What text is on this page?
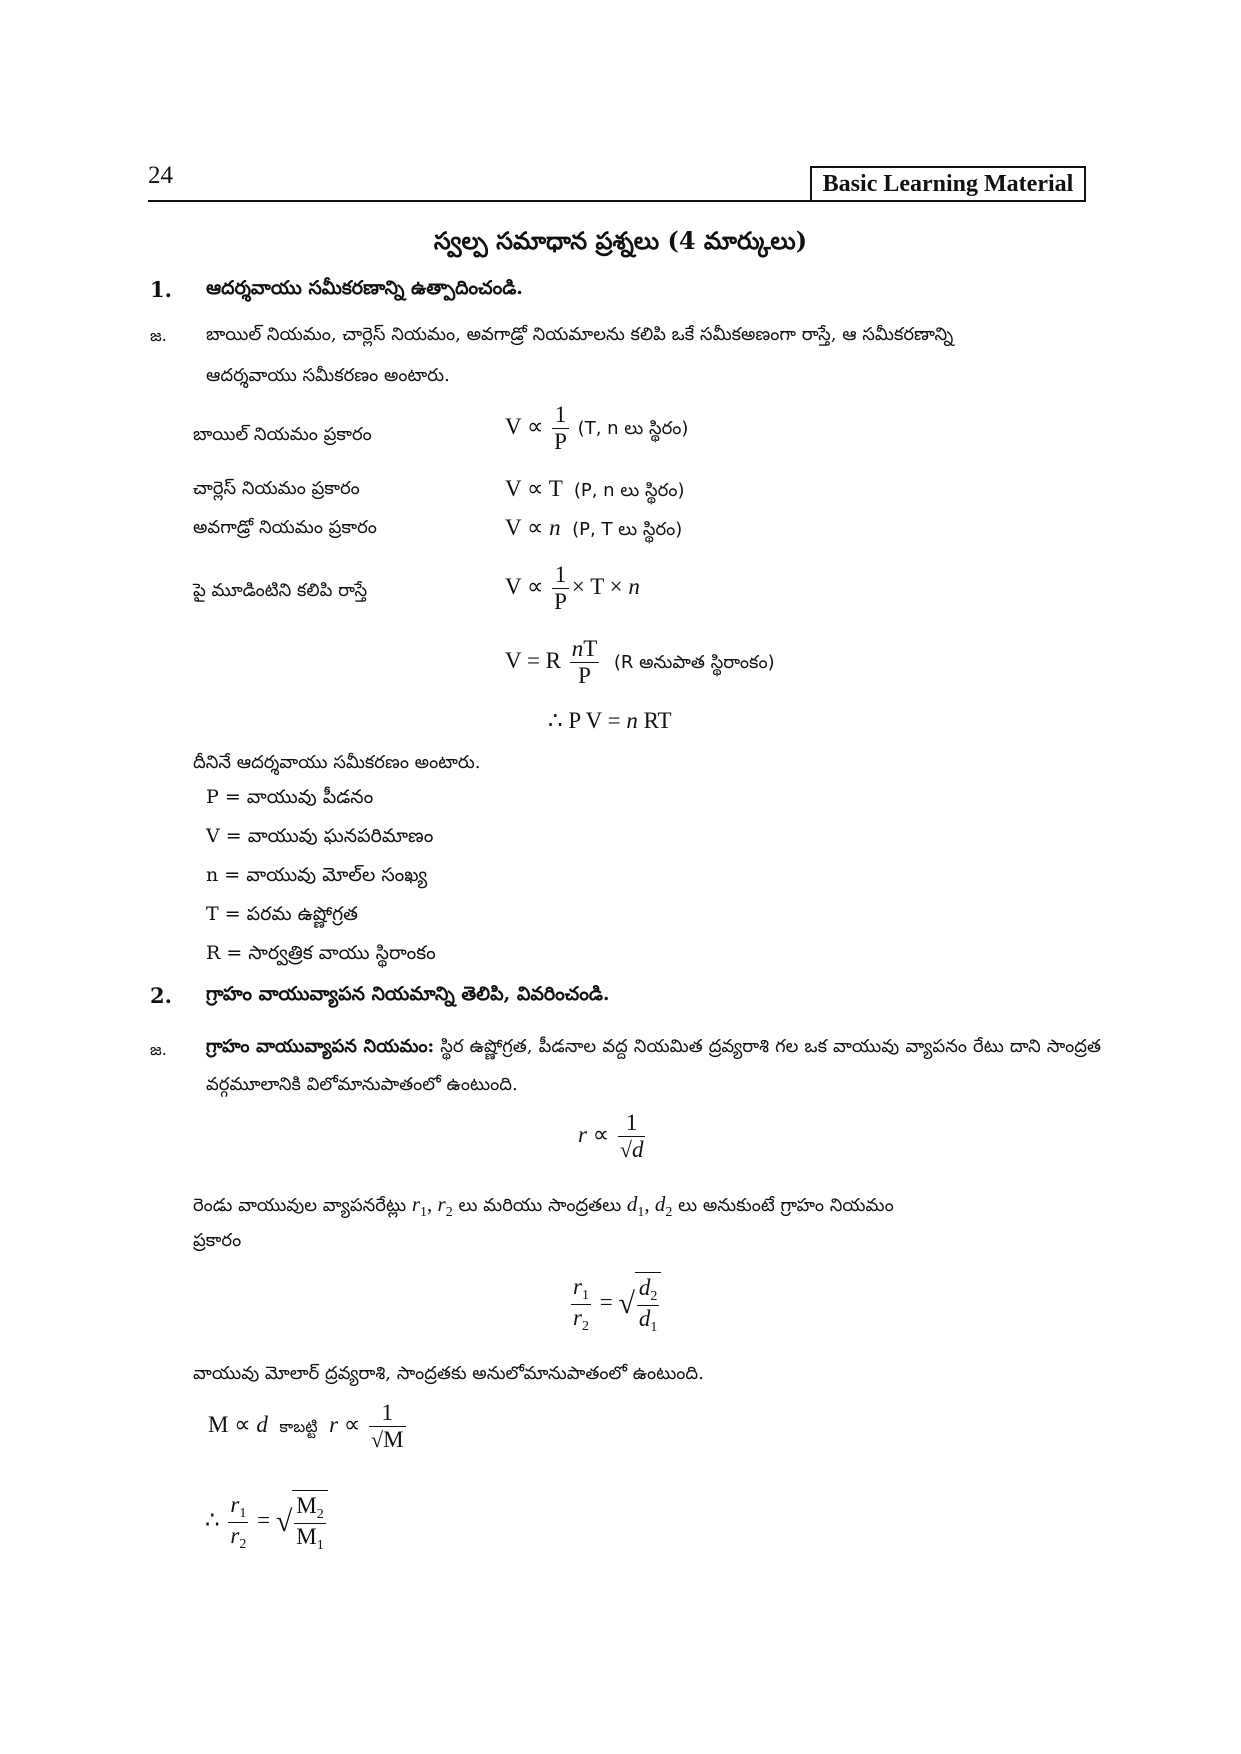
24	Basic Learning Material
స్వల్ప సమాధాన ప్రశ్నలు (4 మార్కులు)
1. ఆదర్శవాయు సమీకరణాన్ని ఉత్పాదించండి.
జ. బాయిల్ నియమం, చార్లెస్ నియమం, అవగాడ్రో నియమాలను కలిపి ఒకే సమీకఅణంగా రాస్తే, ఆ సమీకరణాన్ని
ఆదర్శవాయు సమీకరణం అంటారు.
బాయిల్ నియమం ప్రకారం	$V \propto \frac{1}{P} (T$, n లు స్థిరం)
చార్లెస్ నియమం ప్రకారం	V ∝ T  (P, n లు స్థిరం)
అవగాడ్రో నియమం ప్రకారం	V ∝ n (P, T లు స్థిరం)
పై మూడింటిని కలిపి రాస్తే	$V \propto \frac{1}{P} \times T \times n$
V = R $\frac{nT}{P} (R$ అనుపాత స్థిరాంకం)
∴ P V = n RT
దీనినే ఆదర్శవాయు సమీకరణం అంటారు.
P = వాయువు పీడనం
V = వాయువు ఘనపరిమాణం
n = వాయువు మోల్‌ల సంఖ్య
T = పరమ ఉష్ణోగ్రత
R = సార్వత్రిక వాయు స్థిరాంకం
2. గ్రాహం వాయువ్యాపన నియమాన్ని తెలిపి, వివరించండి.
జ. గ్రాహం వాయువ్యాపన నియమం: స్థిర ఉష్ణోగ్రత, పీడనాల వద్ద నియమిత ద్రవ్యరాశి గల ఒక వాయువు వ్యాపనం రేటు దాని సాంద్రత వర్గమూలానికి విలోమానుపాతంలో ఉంటుంది.
$r \propto \frac{1}{√d}$
రెండు వాయువుల వ్యాపనరేట్లు $r_1$, $r_2$ లు మరియు సాంద్రతలు $d_1$, $d_2$ లు అనుకుంటే గ్రాహం నియమం
ప్రకారం
$\frac{r_1}{r_2}$ = √ $\frac{d_2}{d_1}$
వాయువు మోలార్ ద్రవ్యరాశి, సాంద్రతకు అనులోమానుపాతంలో ఉంటుంది.
M ∝ d కాబట్టి $r \propto \frac{1}{√M}$
∴ $\frac{r_1}{r_2}$ = √ $\frac{M_2}{M_1}$
